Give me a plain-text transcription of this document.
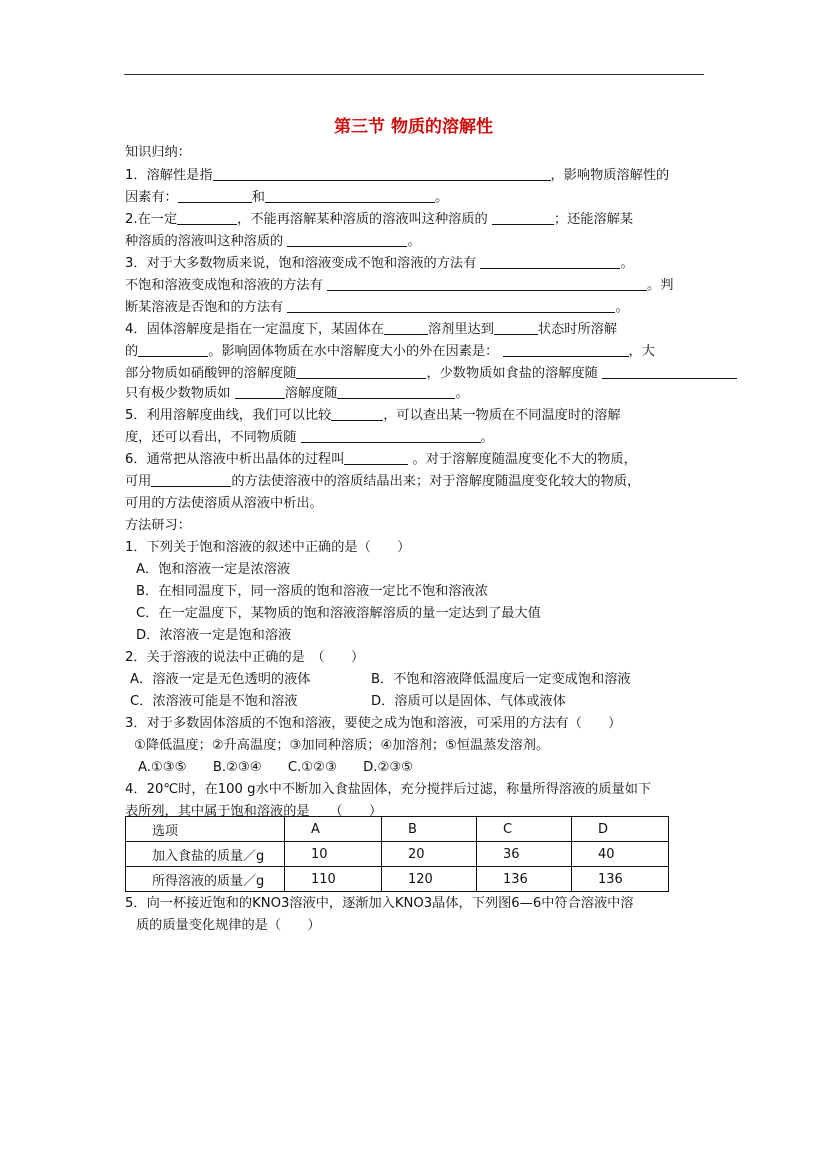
第三节 物质的溶解性
知识归纳：
1．溶解性是指	，影响物质溶解性的
因素有：	和	。
2.在一定	，不能再溶解某种溶质的溶液叫这种溶质的	；还能溶解某
种溶质的溶液叫这种溶质的	。
3．对于大多数物质来说，饱和溶液变成不饱和溶液的方法有	。
不饱和溶液变成饱和溶液的方法有	。判
断某溶液是否饱和的方法有	。
4．固体溶解度是指在一定温度下，某固体在	溶剂里达到	状态时所溶解
的	。影响固体物质在水中溶解度大小的外在因素是：	，大
部分物质如硝酸钾的溶解度随	，少数物质如食盐的溶解度随
只有极少数物质如	溶解度随	。
5．利用溶解度曲线，我们可以比较	，可以查出某一物质在不同温度时的溶解
度，还可以看出，不同物质随	。
6．通常把从溶液中析出晶体的过程叫	。对于溶解度随温度变化不大的物质，
可用	的方法使溶液中的溶质结晶出来；对于溶解度随温度变化较大的物质，
可用的方法使溶质从溶液中析出。
方法研习：
1．下列关于饱和溶液的叙述中正确的是（　　）
A．饱和溶液一定是浓溶液
B．在相同温度下，同一溶质的饱和溶液一定比不饱和溶液浓
C．在一定温度下，某物质的饱和溶液溶解溶质的量一定达到了最大值
D．浓溶液一定是饱和溶液
2．关于溶液的说法中正确的是　（　　）
A．溶液一定是无色透明的液体	B．不饱和溶液降低温度后一定变成饱和溶液
C．浓溶液可能是不饱和溶液	D．溶质可以是固体、气体或液体
3．对于多数固体溶质的不饱和溶液，要使之成为饱和溶液，可采用的方法有（　　）
①降低温度；②升高温度；③加同种溶质；④加溶剂；⑤恒温蒸发溶剂。
A.①③⑤　　B.②③④　　C.①②③　　D.②③⑤
4．20℃时，在100 g水中不断加入食盐固体，充分搅拌后过滤，称量所得溶液的质量如下
表所列，其中属于饱和溶液的是　　（　　）
选项	A	B	C	D
加入食盐的质量／g	10	20	36	40
所得溶液的质量／g	110	120	136	136
5．向一杯接近饱和的KNO3溶液中，逐渐加入KNO3晶体，下列图6—6中符合溶液中溶
质的质量变化规律的是（　　）
